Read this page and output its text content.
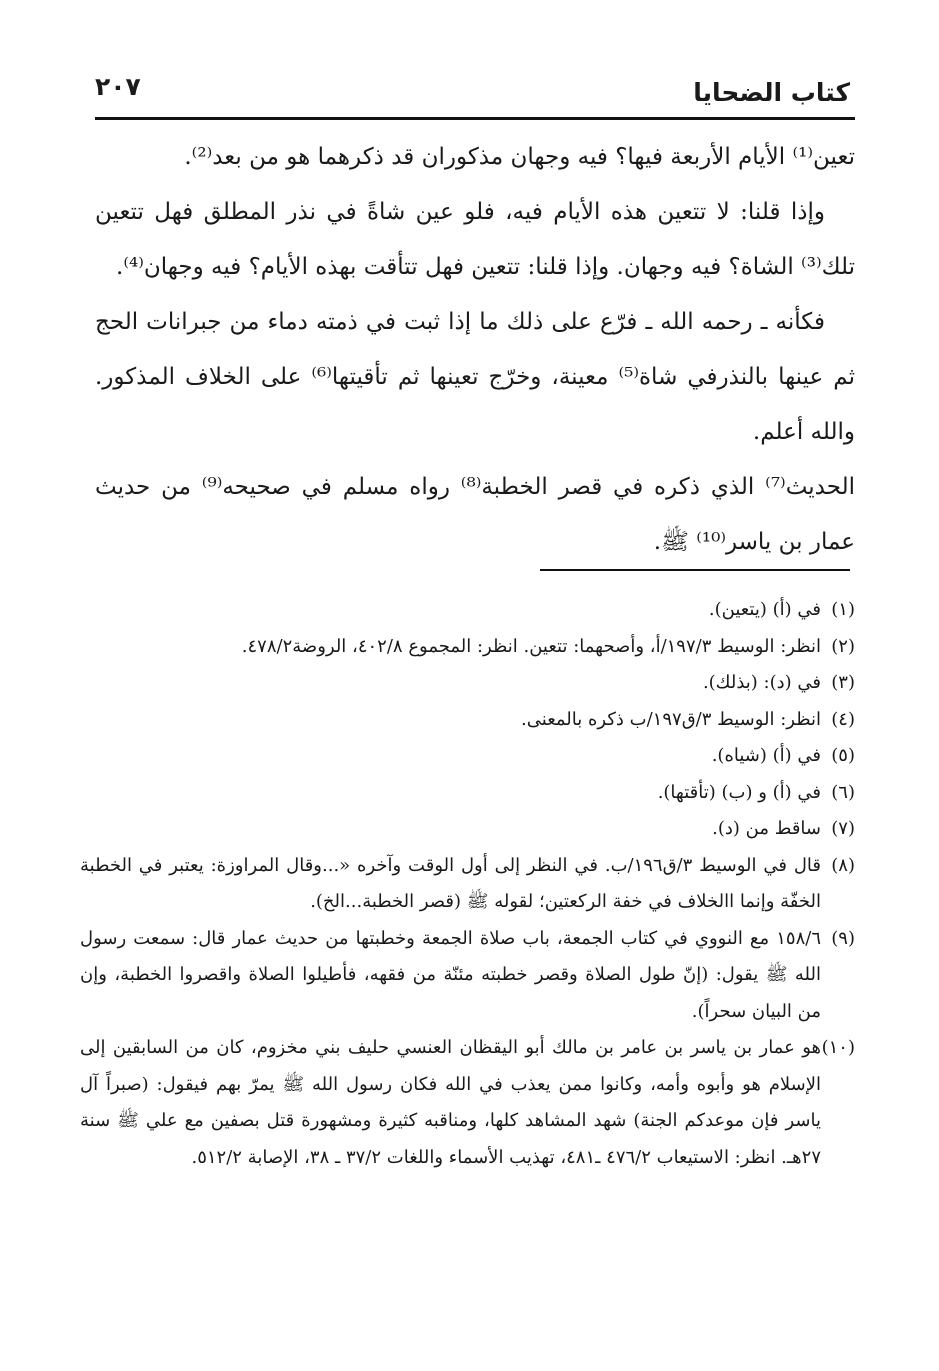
كتاب الضحايا
٢٠٧

تعين⁽¹⁾ الأيام الأربعة فيها؟ فيه وجهان مذكوران قد ذكرهما هو من بعد⁽²⁾.

وإذا قلنا: لا تتعين هذه الأيام فيه، فلو عين شاةً في نذر المطلق فهل تتعين تلك⁽³⁾ الشاة؟ فيه وجهان. وإذا قلنا: تتعين فهل تتأقت بهذه الأيام؟ فيه وجهان⁽⁴⁾.

فكأنه ـ رحمه الله ـ فرّع على ذلك ما إذا ثبت في ذمته دماء من جبرانات الحج ثم عينها بالنذرفي شاة⁽⁵⁾ معينة، وخرّج تعينها ثم تأقيتها⁽⁶⁾ على الخلاف المذكور. والله أعلم.

الحديث⁽⁷⁾ الذي ذكره في قصر الخطبة⁽⁸⁾ رواه مسلم في صحيحه⁽⁹⁾ من حديث عمار بن ياسر⁽¹⁰⁾ ﷺ.

(١)
في (أ) (يتعين).

(٢)
انظر: الوسيط ١٩٧/٣/أ، وأصحهما: تتعين. انظر: المجموع ٤٠٢/٨، الروضة٤٧٨/٢.

(٣)
في (د): (بذلك).

(٤)
انظر: الوسيط ٣/ق١٩٧/ب ذكره بالمعنى.

(٥)
في (أ) (شياه).

(٦)
في (أ) و (ب) (تأقتها).

(٧)
ساقط من (د).

(٨)
قال في الوسيط ٣/ق١٩٦/ب. في النظر إلى أول الوقت وآخره «...وقال المراوزة: يعتبر في الخطبة الخفّة وإنما االخلاف في خفة الركعتين؛ لقوله ﷺ (قصر الخطبة...الخ).

(٩)
١٥٨/٦ مع النووي في كتاب الجمعة، باب صلاة الجمعة وخطبتها من حديث عمار قال: سمعت رسول الله ﷺ يقول: (إنّ طول الصلاة وقصر خطبته مئنّة من فقهه، فأطيلوا الصلاة واقصروا الخطبة، وإن من البيان سحراً).

(١٠)
هو عمار بن ياسر بن عامر بن مالك أبو اليقظان العنسي حليف بني مخزوم، كان من السابقين إلى الإسلام هو وأبوه وأمه، وكانوا ممن يعذب في الله فكان رسول الله ﷺ يمرّ بهم فيقول: (صبراً آل ياسر فإن موعدكم الجنة) شهد المشاهد كلها، ومناقبه كثيرة ومشهورة قتل بصفين مع علي ﷺ سنة ٢٧هـ. انظر: الاستيعاب ٤٧٦/٢ ـ٤٨١، تهذيب الأسماء واللغات ٣٧/٢ ـ ٣٨، الإصابة ٥١٢/٢.
